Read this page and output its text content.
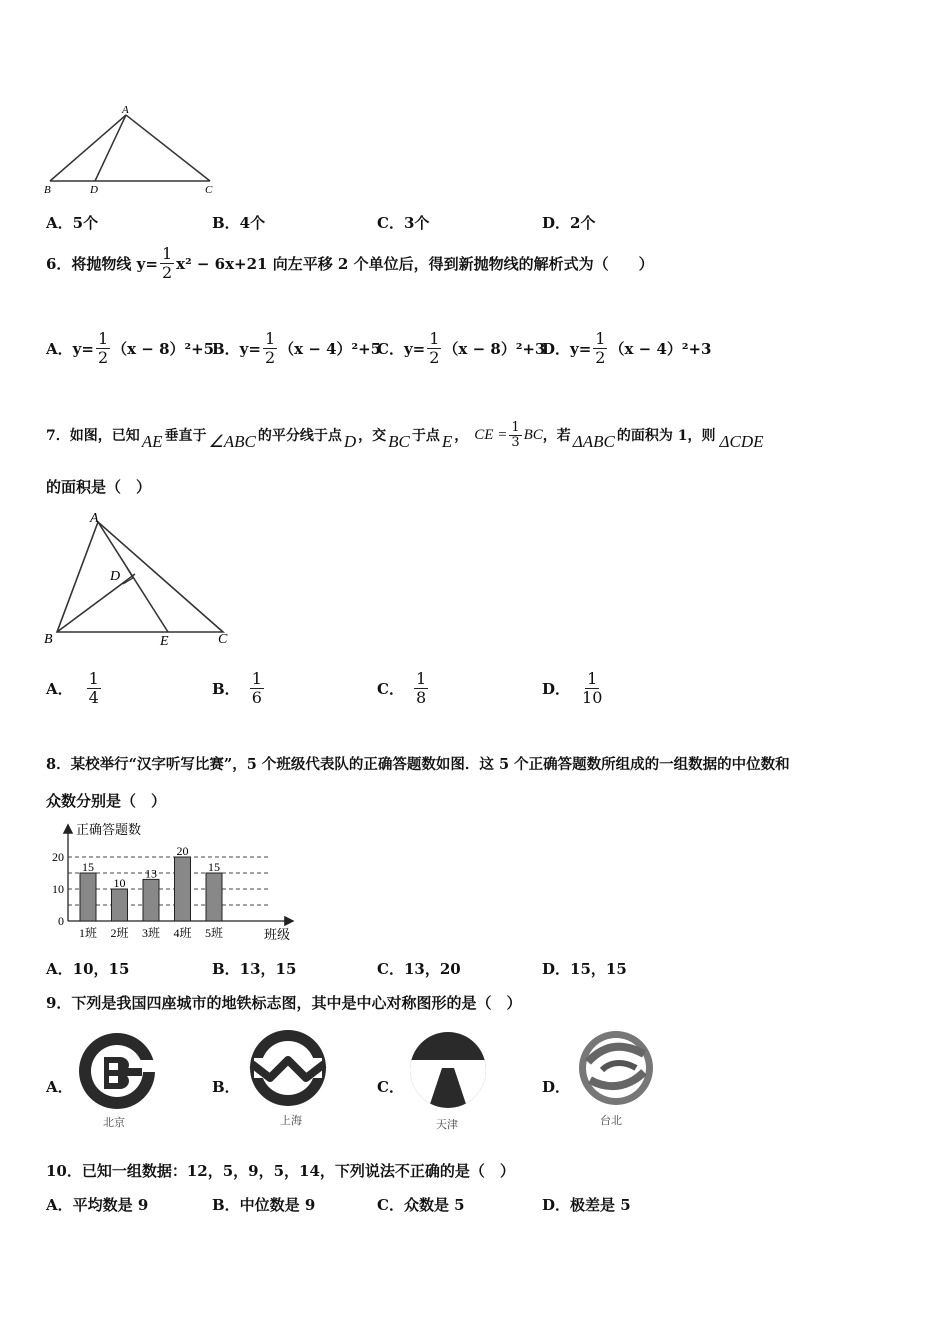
A
B	D	C
A．5个	B．4个	C．3个	D．2个
6．将抛物线 $y= \frac{1}{2} x^2 - 6x+21$ 向左平移 2 个单位后，得到新抛物线的解析式为（　　）
A．$y= \frac{1}{2} (x - 8)^2+5$
B．$y= \frac{1}{2} (x - 4)^2+5$
C．$y= \frac{1}{2} (x - 8)^2+3$
D．$y= \frac{1}{2} (x - 4)^2+3$
7．如图，已知 AE 垂直于 ∠ABC 的平分线于点 D ，交 BC 于点 E ， CE = $\frac{1}{3}$ BC ，若 ΔABC 的面积为 1，则 ΔCDE
的面积是（　）
A
D
B	E	C
A． $\frac{1}{4}$	B． $\frac{1}{6}$	C． $\frac{1}{8}$	D． $\frac{1}{10}$
8．某校举行“汉字听写比赛”，5 个班级代表队的正确答题数如图．这 5 个正确答题数所组成的一组数据的中位数和
众数分别是（　）
正确答题数
班级
0
10
20
15
1班
10
2班
13
3班
20
4班
15
5班
A．10，15	B．13，15	C．13，20	D．15，15
9．下列是我国四座城市的地铁标志图，其中是中心对称图形的是（　）
A．
北京
B．
上海
C．
天津
D．
台北
10．已知一组数据：12，5，9，5，14，下列说法不正确的是（　）
A．平均数是 9	B．中位数是 9	C．众数是 5	D．极差是 5
